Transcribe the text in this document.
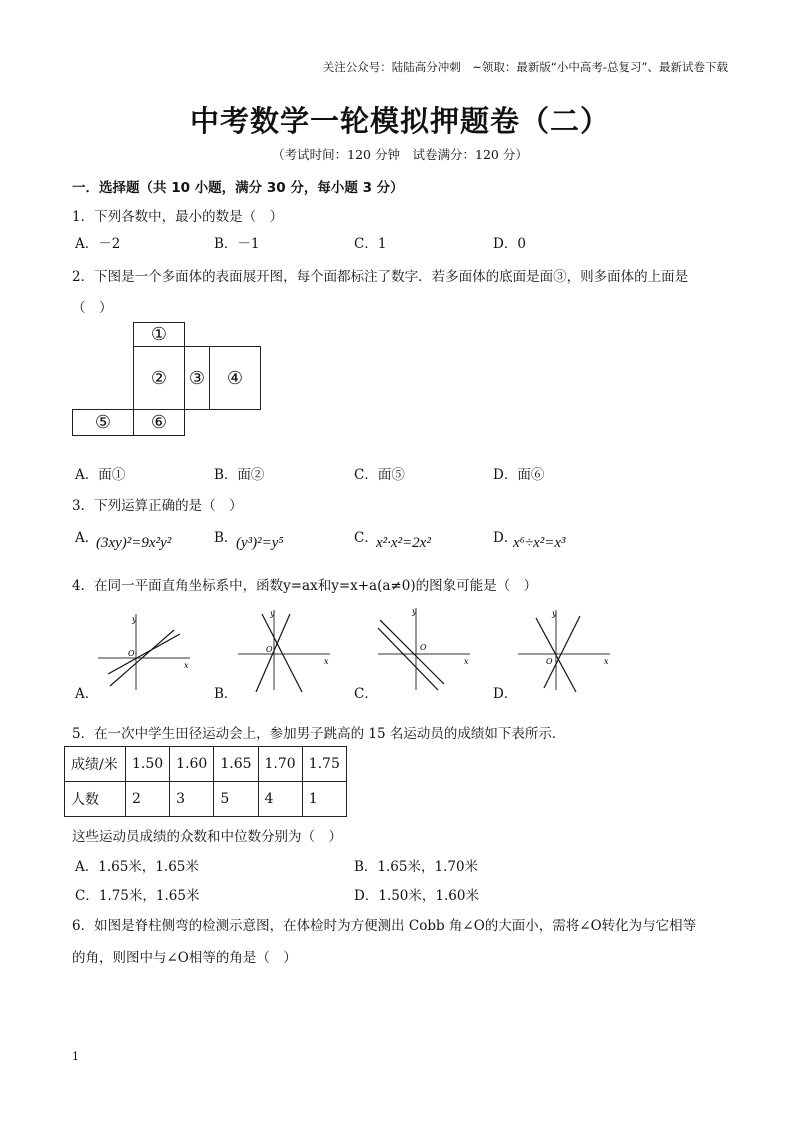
关注公众号：陆陆高分冲刺　~领取：最新版“小中高考-总复习”、最新试卷下载
中考数学一轮模拟押题卷（二）
（考试时间：120 分钟　试卷满分：120 分）
一．选择题（共 10 小题，满分 30 分，每小题 3 分）
1．下列各数中，最小的数是（　）
A．－2	B．－1	C．1	D．0
2．下图是一个多面体的表面展开图，每个面都标注了数字．若多面体的底面是面③，则多面体的上面是
（　）
①
②	③	④
⑤	⑥
A．面①	B．面②	C．面⑤	D．面⑥
3．下列运算正确的是（　）
A．
(3xy)²=9x²y²	B．
(y³)²=y⁵	C．
x²·x²=2x²	D．
x⁶÷x²=x³
4．在同一平面直角坐标系中，函数y=ax和y=x+a(a≠0)的图象可能是（　）
y
x
O
A．
y
x
O
B．
y
x
O
C．
y
x
O
D．
5．在一次中学生田径运动会上，参加男子跳高的 15 名运动员的成绩如下表所示．
成绩/米	1.50	1.60	1.65	1.70	1.75
人数	2	3	5	4	1
这些运动员成绩的众数和中位数分别为（　）
A．1.65米，1.65米	B．1.65米，1.70米
C．1.75米，1.65米	D．1.50米，1.60米
6．如图是脊柱侧弯的检测示意图，在体检时为方便测出 Cobb 角∠O的大面小，需将∠O转化为与它相等
的角，则图中与∠O相等的角是（　）
1
